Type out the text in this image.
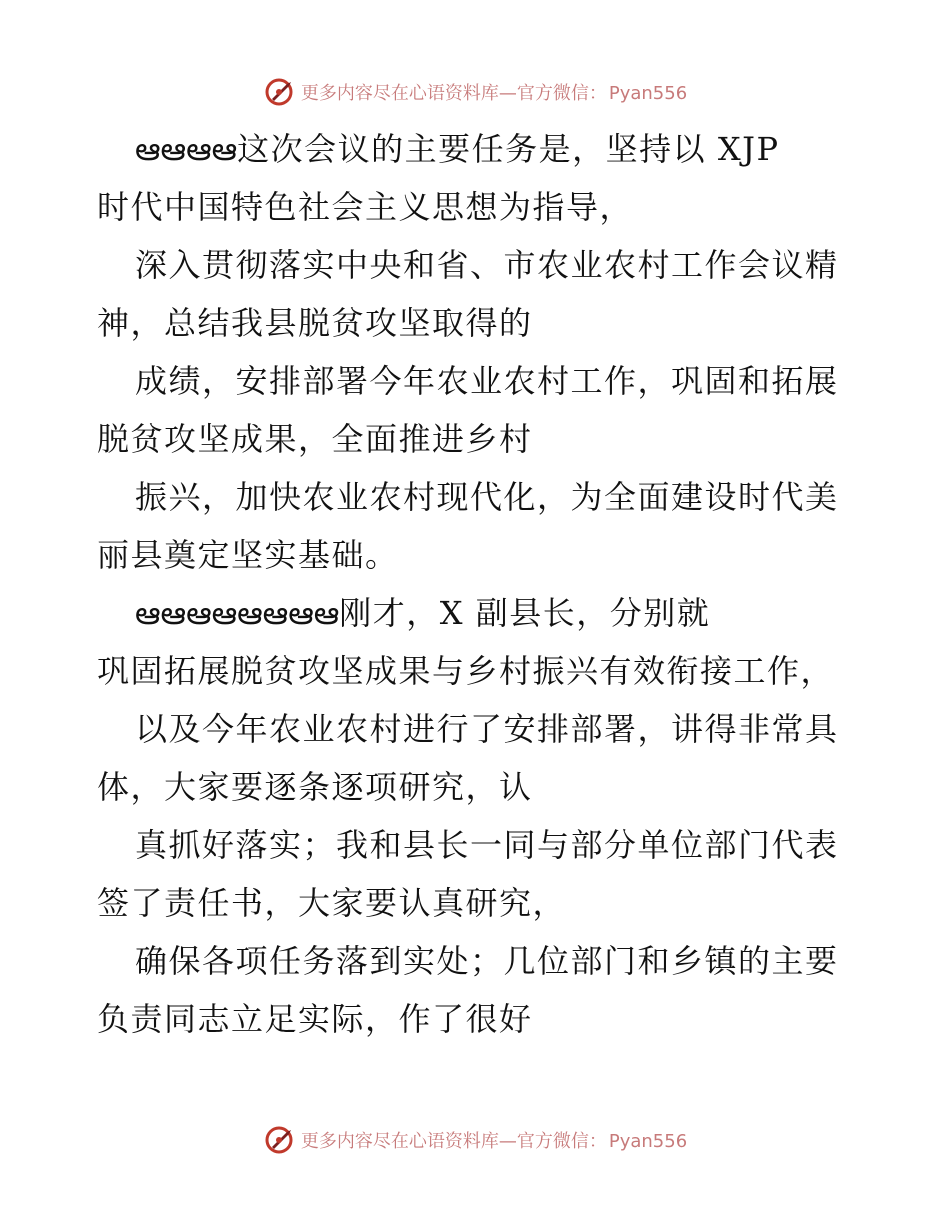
更多内容尽在心语资料库—官方微信： Pyan556
ఆఆఆఆ这次会议的主要任务是，坚持以 XJP
时代中国特色社会主义思想为指导，
深入贯彻落实中央和省、市农业农村工作会议精
神，总结我县脱贫攻坚取得的
成绩，安排部署今年农业农村工作，巩固和拓展
脱贫攻坚成果，全面推进乡村
振兴，加快农业农村现代化，为全面建设时代美
丽县奠定坚实基础。
ఆఆఆఆఆఆఆఆ刚才，X 副县长，分别就
巩固拓展脱贫攻坚成果与乡村振兴有效衔接工作，
以及今年农业农村进行了安排部署，讲得非常具
体，大家要逐条逐项研究，认
真抓好落实；我和县长一同与部分单位部门代表
签了责任书，大家要认真研究，
确保各项任务落到实处；几位部门和乡镇的主要
负责同志立足实际，作了很好
更多内容尽在心语资料库—官方微信： Pyan556
